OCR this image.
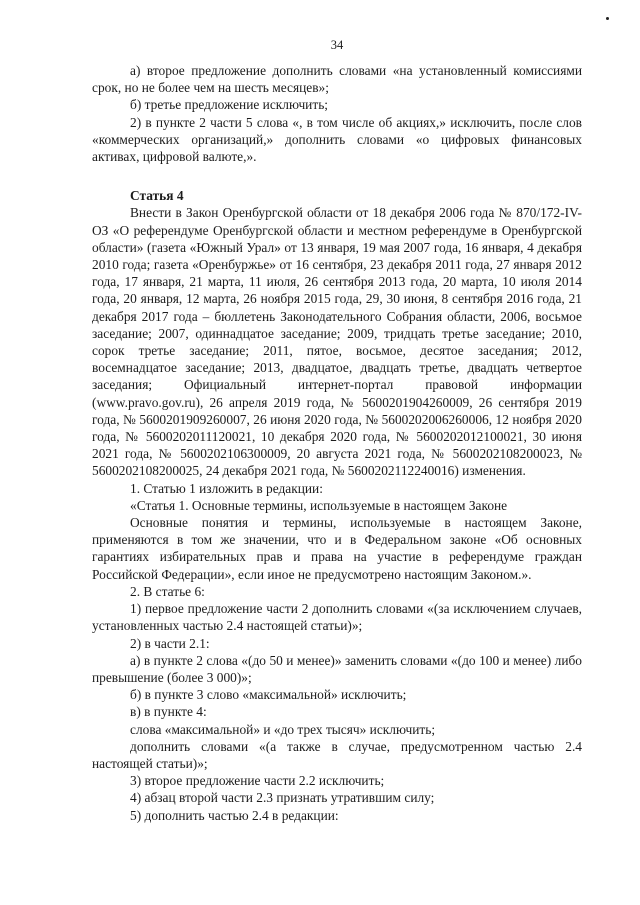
34

а) второе предложение дополнить словами «на установленный комиссиями срок, но не более чем на шесть месяцев»;

б) третье предложение исключить;

2) в пункте 2 части 5 слова «, в том числе об акциях,» исключить, после слов «коммерческих организаций,» дополнить словами «о цифровых финансовых активах, цифровой валюте,».

Статья 4

Внести в Закон Оренбургской области от 18 декабря 2006 года № 870/172-IV-ОЗ «О референдуме Оренбургской области и местном референдуме в Оренбургской области» (газета «Южный Урал» от 13 января, 19 мая 2007 года, 16 января, 4 декабря 2010 года; газета «Оренбуржье» от 16 сентября, 23 декабря 2011 года, 27 января 2012 года, 17 января, 21 марта, 11 июля, 26 сентября 2013 года, 20 марта, 10 июля 2014 года, 20 января, 12 марта, 26 ноября 2015 года, 29, 30 июня, 8 сентября 2016 года, 21 декабря 2017 года – бюллетень Законодательного Собрания области, 2006, восьмое заседание; 2007, одиннадцатое заседание; 2009, тридцать третье заседание; 2010, сорок третье заседание; 2011, пятое, восьмое, десятое заседания; 2012, восемнадцатое заседание; 2013, двадцатое, двадцать третье, двадцать четвертое заседания; Официальный интернет-портал правовой информации (www.pravo.gov.ru), 26 апреля 2019 года, № 5600201904260009, 26 сентября 2019 года, № 5600201909260007, 26 июня 2020 года, № 5600202006260006, 12 ноября 2020 года, № 5600202011120021, 10 декабря 2020 года, № 5600202012100021, 30 июня 2021 года, № 5600202106300009, 20 августа 2021 года, № 5600202108200023, № 5600202108200025, 24 декабря 2021 года, № 5600202112240016) изменения.

1. Статью 1 изложить в редакции:

«Статья 1. Основные термины, используемые в настоящем Законе

Основные понятия и термины, используемые в настоящем Законе, применяются в том же значении, что и в Федеральном законе «Об основных гарантиях избирательных прав и права на участие в референдуме граждан Российской Федерации», если иное не предусмотрено настоящим Законом.».

2. В статье 6:

1) первое предложение части 2 дополнить словами «(за исключением случаев, установленных частью 2.4 настоящей статьи)»;

2) в части 2.1:

а) в пункте 2 слова «(до 50 и менее)» заменить словами «(до 100 и менее) либо превышение (более 3 000)»;

б) в пункте 3 слово «максимальной» исключить;

в) в пункте 4:

слова «максимальной» и «до трех тысяч» исключить;

дополнить словами «(а также в случае, предусмотренном частью 2.4 настоящей статьи)»;

3) второе предложение части 2.2 исключить;

4) абзац второй части 2.3 признать утратившим силу;

5) дополнить частью 2.4 в редакции:
